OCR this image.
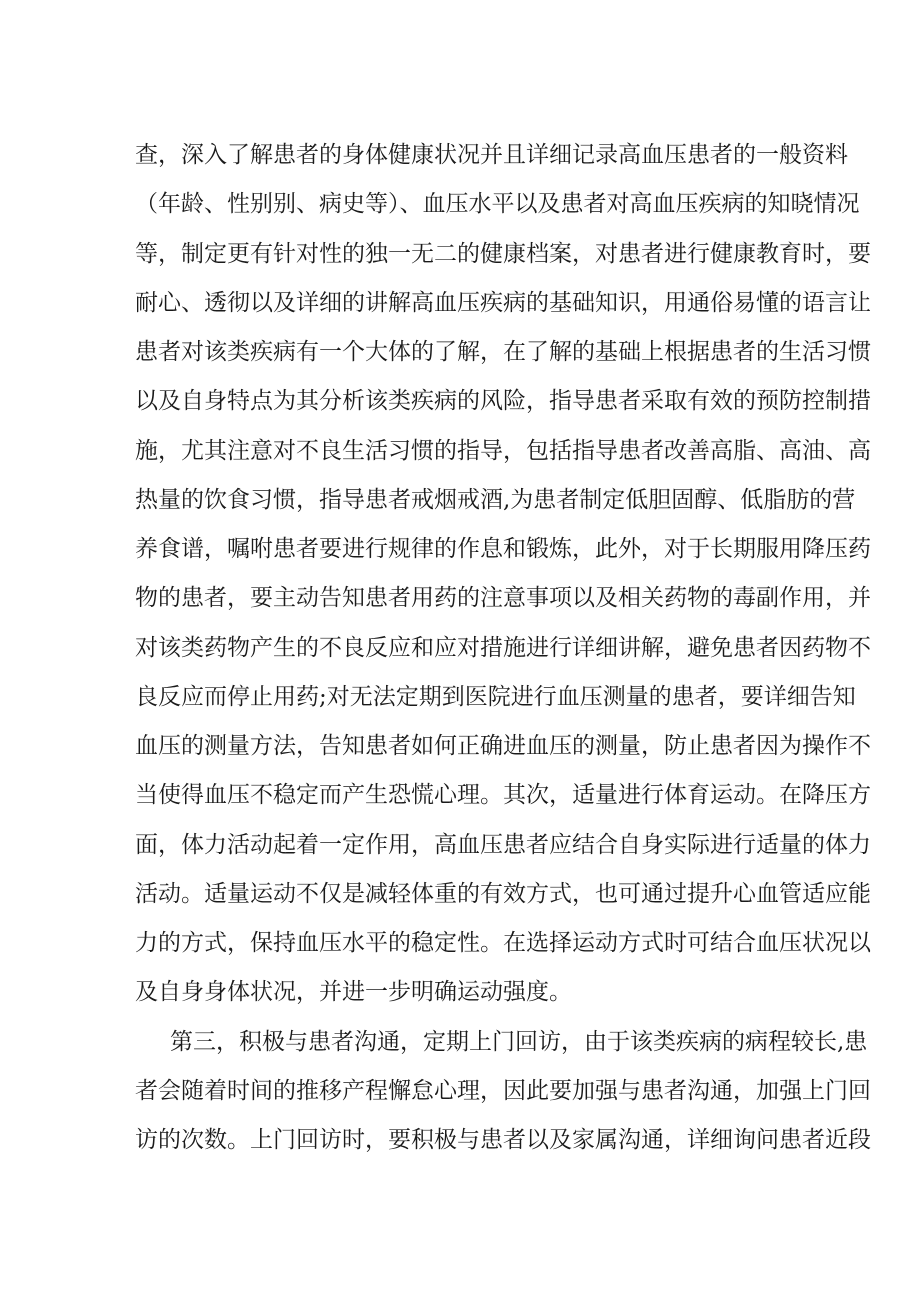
查，深入了解患者的身体健康状况并且详细记录高血压患者的一般资料
（年龄、性别别、病史等）、血压水平以及患者对高血压疾病的知晓情况
等，制定更有针对性的独一无二的健康档案，对患者进行健康教育时，要
耐心、透彻以及详细的讲解高血压疾病的基础知识，用通俗易懂的语言让
患者对该类疾病有一个大体的了解，在了解的基础上根据患者的生活习惯
以及自身特点为其分析该类疾病的风险，指导患者采取有效的预防控制措
施，尤其注意对不良生活习惯的指导，包括指导患者改善高脂、高油、高
热量的饮食习惯，指导患者戒烟戒酒,为患者制定低胆固醇、低脂肪的营
养食谱，嘱咐患者要进行规律的作息和锻炼，此外，对于长期服用降压药
物的患者，要主动告知患者用药的注意事项以及相关药物的毒副作用，并
对该类药物产生的不良反应和应对措施进行详细讲解，避免患者因药物不
良反应而停止用药;对无法定期到医院进行血压测量的患者，要详细告知
血压的测量方法，告知患者如何正确进血压的测量，防止患者因为操作不
当使得血压不稳定而产生恐慌心理。其次，适量进行体育运动。在降压方
面，体力活动起着一定作用，高血压患者应结合自身实际进行适量的体力
活动。适量运动不仅是减轻体重的有效方式，也可通过提升心血管适应能
力的方式，保持血压水平的稳定性。在选择运动方式时可结合血压状况以
及自身身体状况，并进一步明确运动强度。
第三，积极与患者沟通，定期上门回访，由于该类疾病的病程较长,患
者会随着时间的推移产程懈怠心理，因此要加强与患者沟通，加强上门回
访的次数。上门回访时，要积极与患者以及家属沟通，详细询问患者近段
